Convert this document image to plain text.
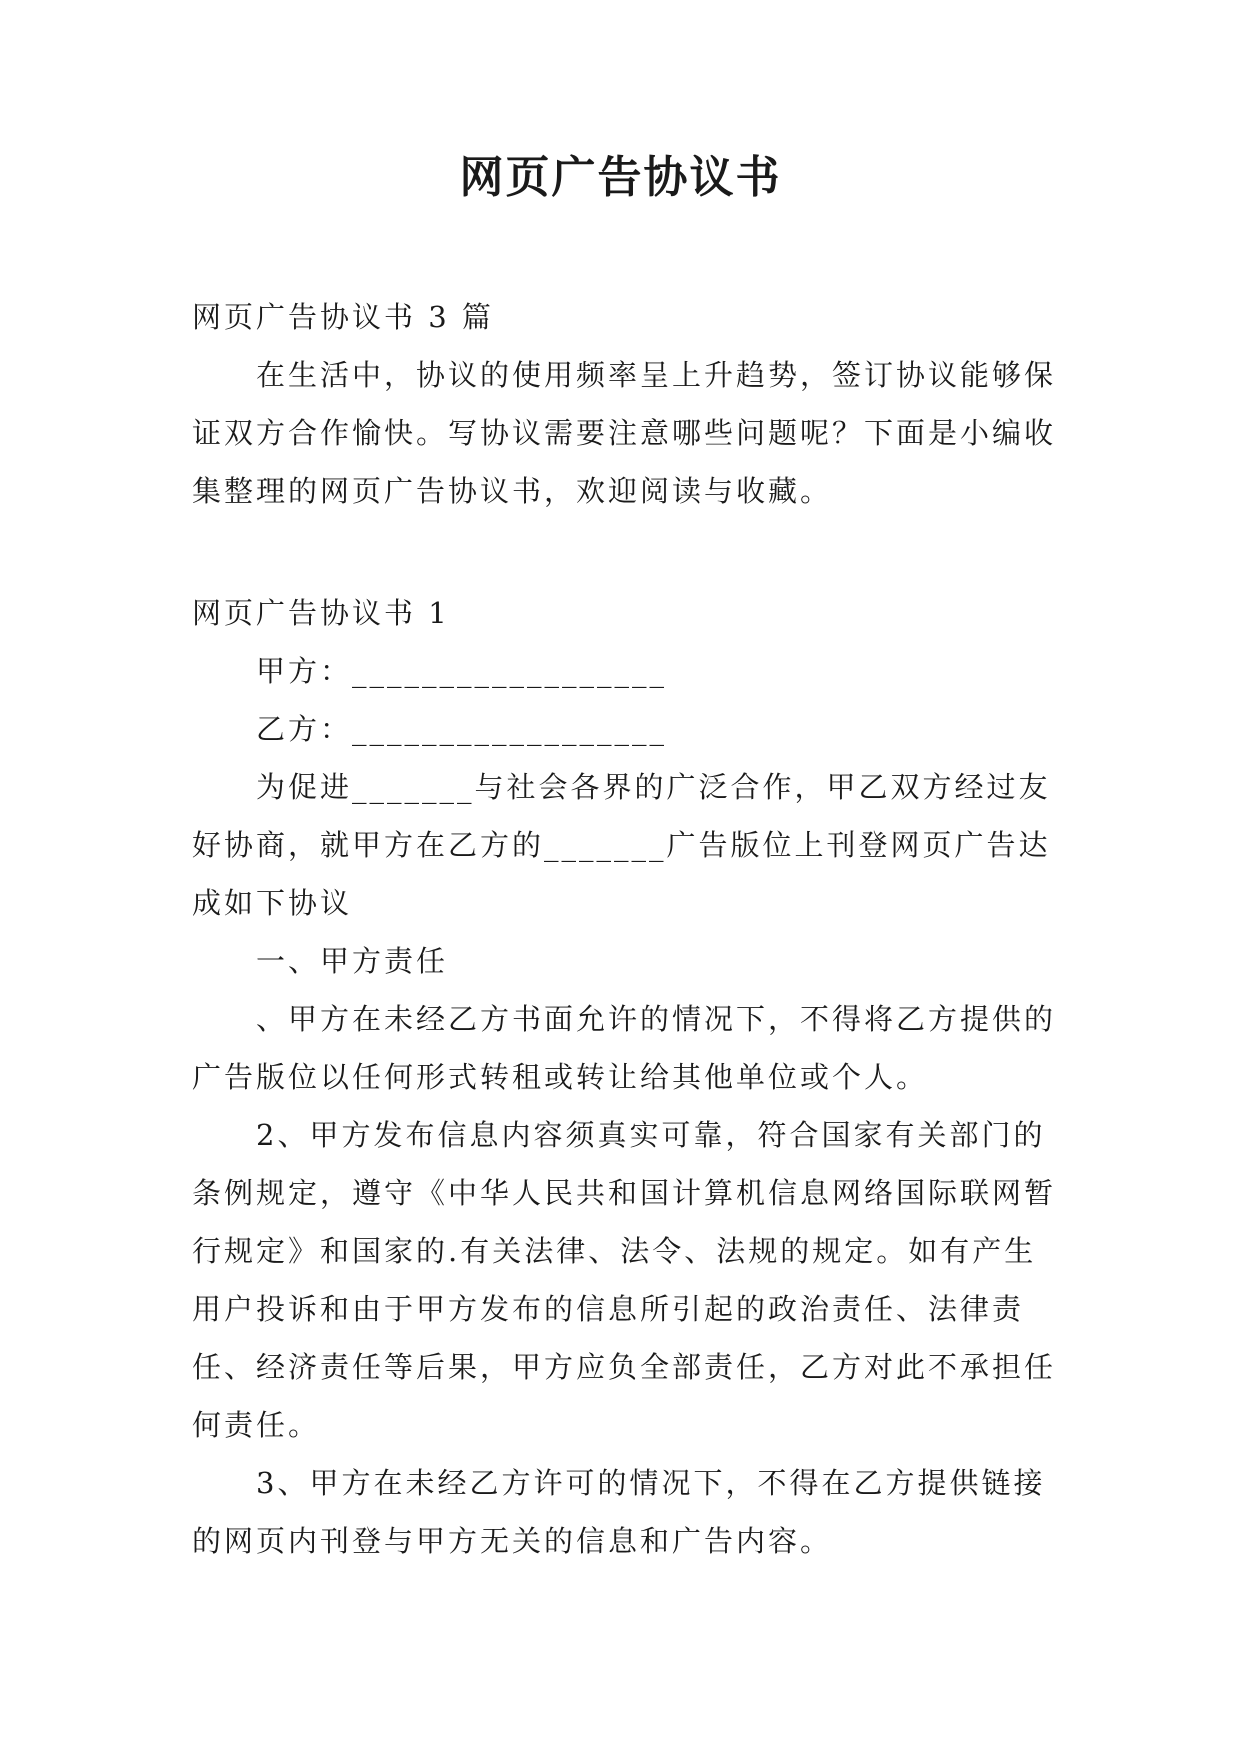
网页广告协议书

网页广告协议书 3 篇

在生活中，协议的使用频率呈上升趋势，签订协议能够保证双方合作愉快。写协议需要注意哪些问题呢？下面是小编收集整理的网页广告协议书，欢迎阅读与收藏。

网页广告协议书 1

甲方：__________________

乙方：__________________

为促进_______与社会各界的广泛合作，甲乙双方经过友好协商，就甲方在乙方的_______广告版位上刊登网页广告达成如下协议

一、甲方责任

、甲方在未经乙方书面允许的情况下，不得将乙方提供的广告版位以任何形式转租或转让给其他单位或个人。

2、甲方发布信息内容须真实可靠，符合国家有关部门的条例规定，遵守《中华人民共和国计算机信息网络国际联网暂行规定》和国家的.有关法律、法令、法规的规定。如有产生用户投诉和由于甲方发布的信息所引起的政治责任、法律责任、经济责任等后果，甲方应负全部责任，乙方对此不承担任何责任。

3、甲方在未经乙方许可的情况下，不得在乙方提供链接的网页内刊登与甲方无关的信息和广告内容。
